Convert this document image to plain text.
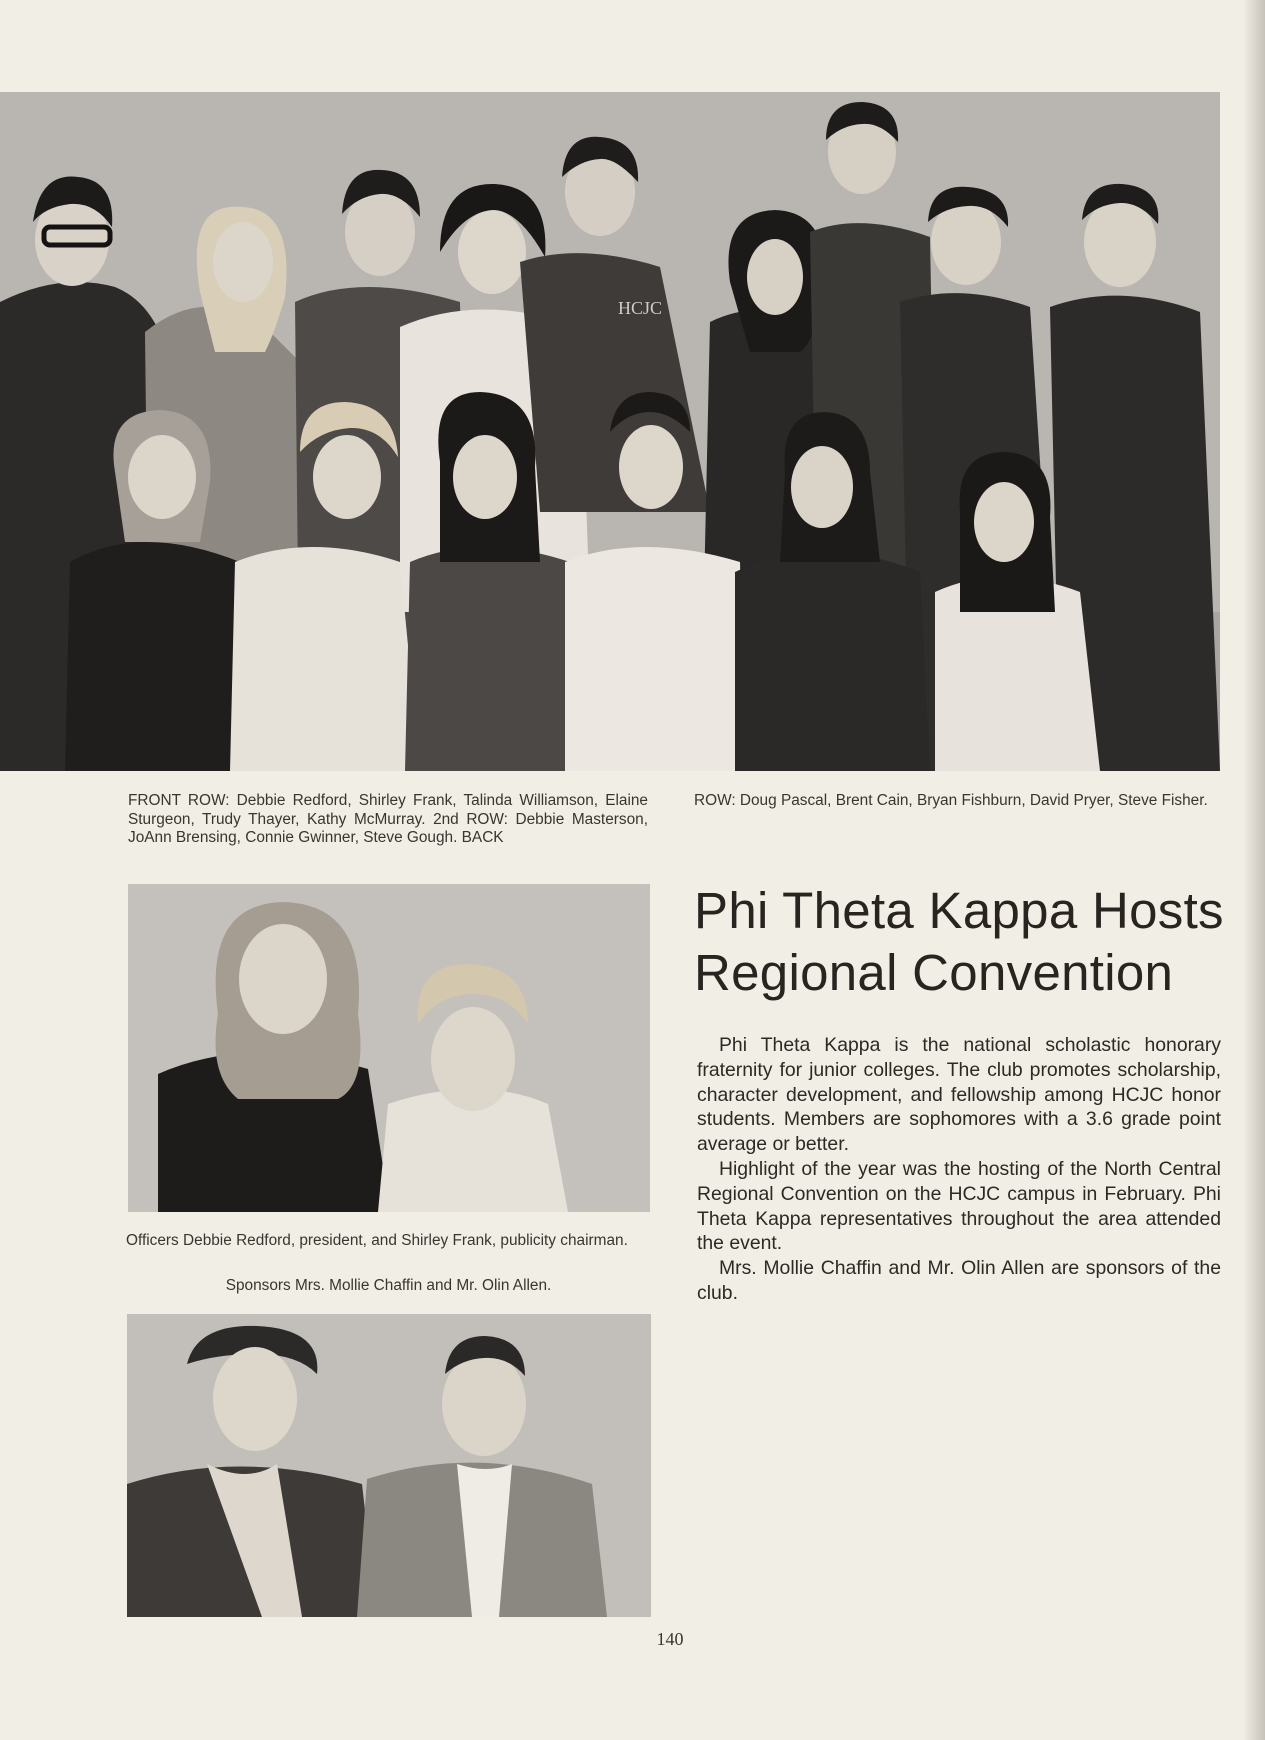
HCJC
FRONT ROW: Debbie Redford, Shirley Frank, Talinda Williamson, Elaine Sturgeon, Trudy Thayer, Kathy McMurray. 2nd ROW: Debbie Masterson, JoAnn Brensing, Connie Gwinner, Steve Gough. BACK
ROW: Doug Pascal, Brent Cain, Bryan Fishburn, David Pryer, Steve Fisher.
Officers Debbie Redford, president, and Shirley Frank, publicity chairman.
Sponsors Mrs. Mollie Chaffin and Mr. Olin Allen.
Phi Theta Kappa Hosts Regional Convention

Phi Theta Kappa is the national scholastic honorary fraternity for junior colleges. The club promotes scholarship, character development, and fellowship among HCJC honor students. Members are sophomores with a 3.6 grade point average or better.

Highlight of the year was the hosting of the North Central Regional Convention on the HCJC campus in February. Phi Theta Kappa representatives throughout the area attended the event.

Mrs. Mollie Chaffin and Mr. Olin Allen are sponsors of the club.

140
